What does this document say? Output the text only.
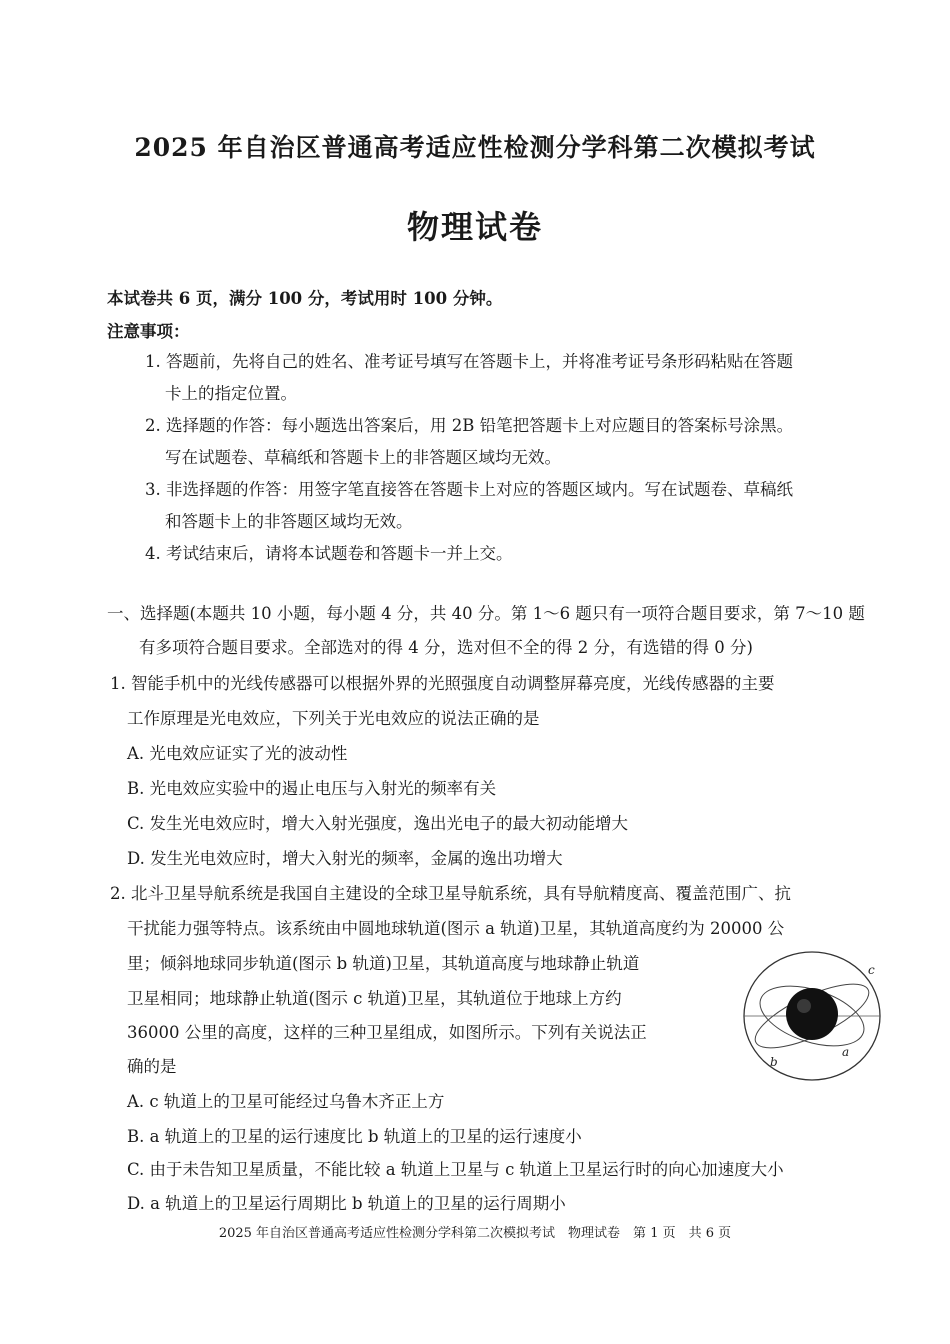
2025 年自治区普通高考适应性检测分学科第二次模拟考试
物理试卷
本试卷共 6 页，满分 100 分，考试用时 100 分钟。
注意事项：
1. 答题前，先将自己的姓名、准考证号填写在答题卡上，并将准考证号条形码粘贴在答题
卡上的指定位置。
2. 选择题的作答：每小题选出答案后，用 2B 铅笔把答题卡上对应题目的答案标号涂黑。
写在试题卷、草稿纸和答题卡上的非答题区域均无效。
3. 非选择题的作答：用签字笔直接答在答题卡上对应的答题区域内。写在试题卷、草稿纸
和答题卡上的非答题区域均无效。
4. 考试结束后，请将本试题卷和答题卡一并上交。
一、选择题(本题共 10 小题，每小题 4 分，共 40 分。第 1～6 题只有一项符合题目要求，第 7～10 题
有多项符合题目要求。全部选对的得 4 分，选对但不全的得 2 分，有选错的得 0 分)
1. 智能手机中的光线传感器可以根据外界的光照强度自动调整屏幕亮度，光线传感器的主要
工作原理是光电效应，下列关于光电效应的说法正确的是
A. 光电效应证实了光的波动性
B. 光电效应实验中的遏止电压与入射光的频率有关
C. 发生光电效应时，增大入射光强度，逸出光电子的最大初动能增大
D. 发生光电效应时，增大入射光的频率，金属的逸出功增大
2. 北斗卫星导航系统是我国自主建设的全球卫星导航系统，具有导航精度高、覆盖范围广、抗
干扰能力强等特点。该系统由中圆地球轨道(图示 a 轨道)卫星，其轨道高度约为 20000 公
里；倾斜地球同步轨道(图示 b 轨道)卫星，其轨道高度与地球静止轨道
卫星相同；地球静止轨道(图示 c 轨道)卫星，其轨道位于地球上方约
36000 公里的高度，这样的三种卫星组成，如图所示。下列有关说法正
确的是	b
a
c
A. c 轨道上的卫星可能经过乌鲁木齐正上方
B. a 轨道上的卫星的运行速度比 b 轨道上的卫星的运行速度小
C. 由于未告知卫星质量，不能比较 a 轨道上卫星与 c 轨道上卫星运行时的向心加速度大小
D. a 轨道上的卫星运行周期比 b 轨道上的卫星的运行周期小
2025 年自治区普通高考适应性检测分学科第二次模拟考试　物理试卷　第 1 页　共 6 页
